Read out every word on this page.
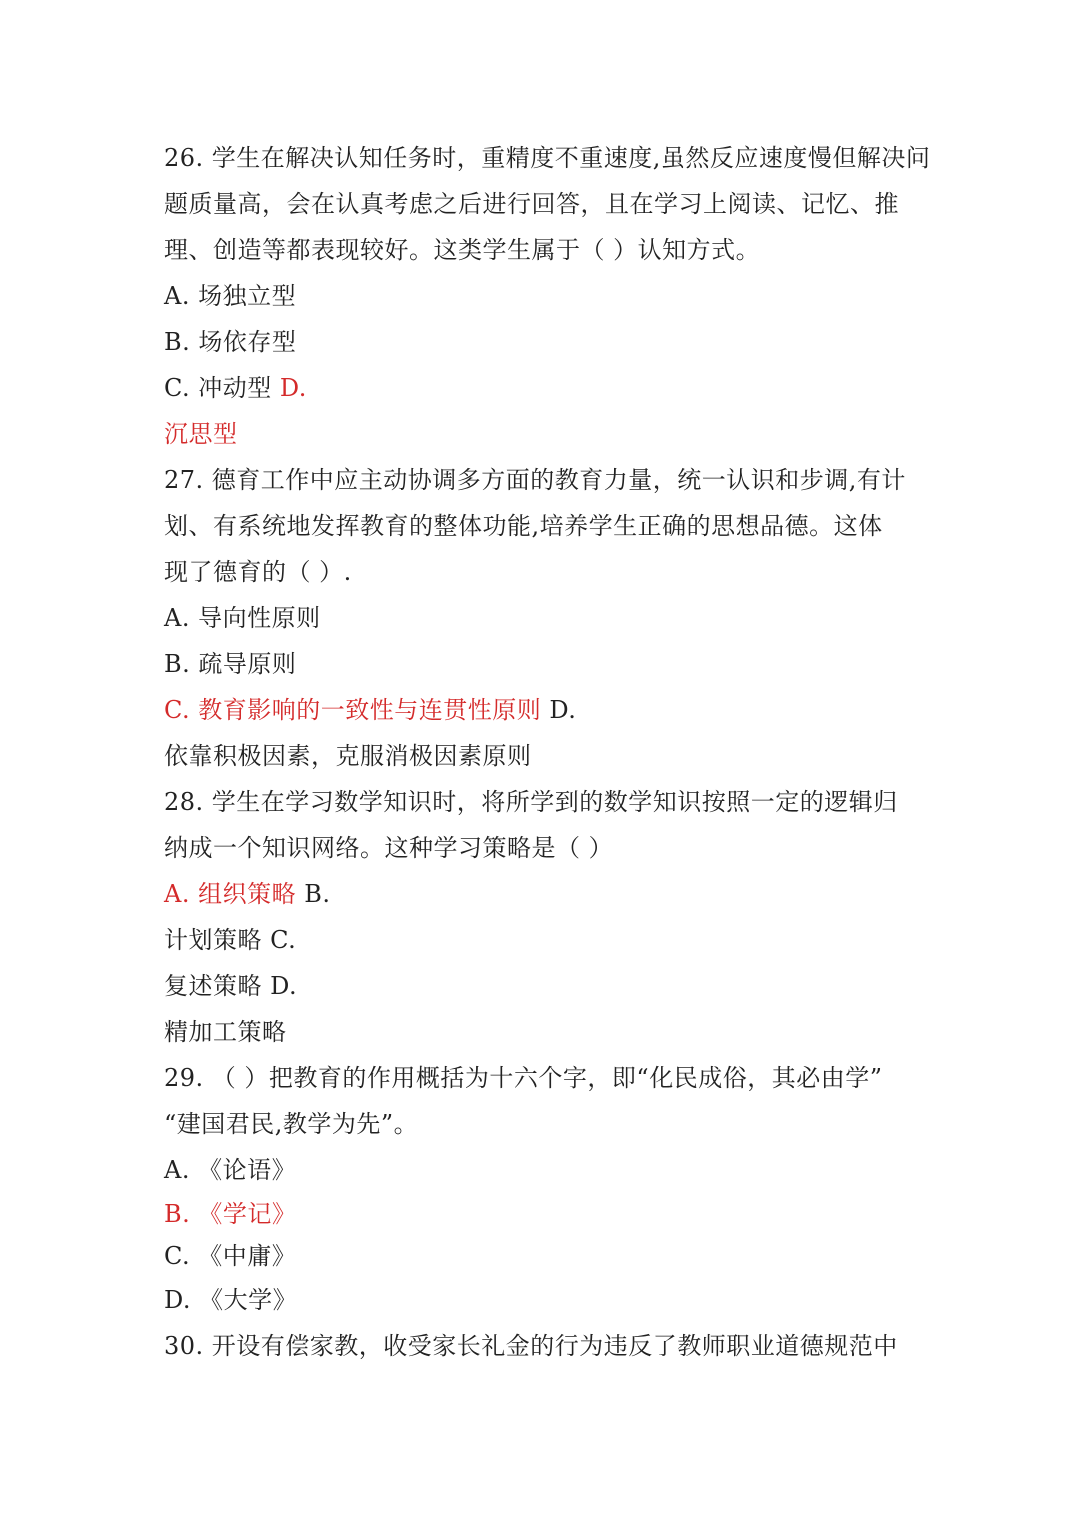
26. 学生在解决认知任务时，重精度不重速度,虽然反应速度慢但解决问
题质量高，会在认真考虑之后进行回答，且在学习上阅读、记忆、推
理、创造等都表现较好。这类学生属于（ ）认知方式。
A. 场独立型
B. 场依存型
C. 冲动型 D.
沉思型
27. 德育工作中应主动协调多方面的教育力量，统一认识和步调,有计
划、有系统地发挥教育的整体功能,培养学生正确的思想品德。这体
现了德育的（ ）.
A. 导向性原则
B. 疏导原则
C. 教育影响的一致性与连贯性原则 D.
依靠积极因素，克服消极因素原则
28. 学生在学习数学知识时，将所学到的数学知识按照一定的逻辑归
纳成一个知识网络。这种学习策略是（ ）
A. 组织策略 B.
计划策略 C.
复述策略 D.
精加工策略
29. （ ）把教育的作用概括为十六个字，即“化民成俗，其必由学”
“建国君民,教学为先”。
A. 《论语》
B. 《学记》
C. 《中庸》
D. 《大学》
30. 开设有偿家教，收受家长礼金的行为违反了教师职业道德规范中
